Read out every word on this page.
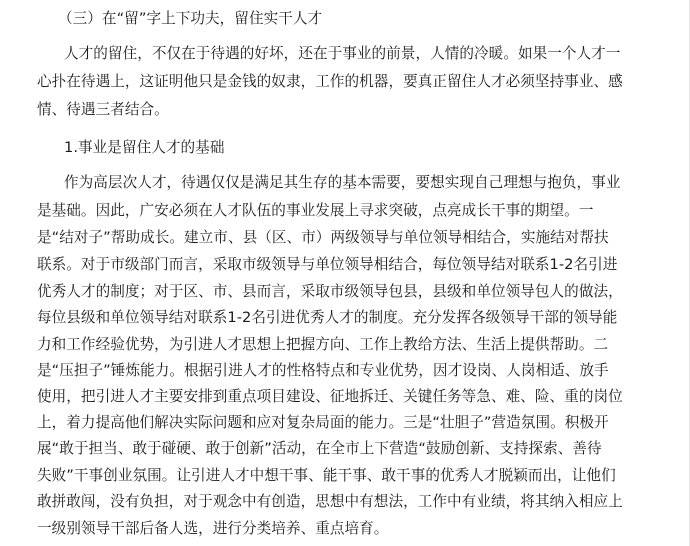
（三）在“留”字上下功夫，留住实干人才
人才的留住，不仅在于待遇的好坏，还在于事业的前景，人情的冷暖。如果一个人才一
心扑在待遇上，这证明他只是金钱的奴隶，工作的机器，要真正留住人才必须坚持事业、感
情、待遇三者结合。
1.事业是留住人才的基础
作为高层次人才，待遇仅仅是满足其生存的基本需要，要想实现自己理想与抱负，事业
是基础。因此，广安必须在人才队伍的事业发展上寻求突破，点亮成长干事的期望。一
是“结对子”帮助成长。建立市、县（区、市）两级领导与单位领导相结合，实施结对帮扶
联系。对于市级部门而言，采取市级领导与单位领导相结合，每位领导结对联系1-2名引进
优秀人才的制度；对于区、市、县而言，采取市级领导包县，县级和单位领导包人的做法，
每位县级和单位领导结对联系1-2名引进优秀人才的制度。充分发挥各级领导干部的领导能
力和工作经验优势，为引进人才思想上把握方向、工作上教给方法、生活上提供帮助。二
是“压担子”锤炼能力。根据引进人才的性格特点和专业优势，因才设岗、人岗相适、放手
使用，把引进人才主要安排到重点项目建设、征地拆迁、关键任务等急、难、险、重的岗位
上，着力提高他们解决实际问题和应对复杂局面的能力。三是“壮胆子”营造氛围。积极开
展“敢于担当、敢于碰硬、敢于创新”活动，在全市上下营造“鼓励创新、支持探索、善待
失败”干事创业氛围。让引进人才中想干事、能干事、敢干事的优秀人才脱颖而出，让他们
敢拼敢闯，没有负担，对于观念中有创造，思想中有想法，工作中有业绩，将其纳入相应上
一级别领导干部后备人选，进行分类培养、重点培育。
